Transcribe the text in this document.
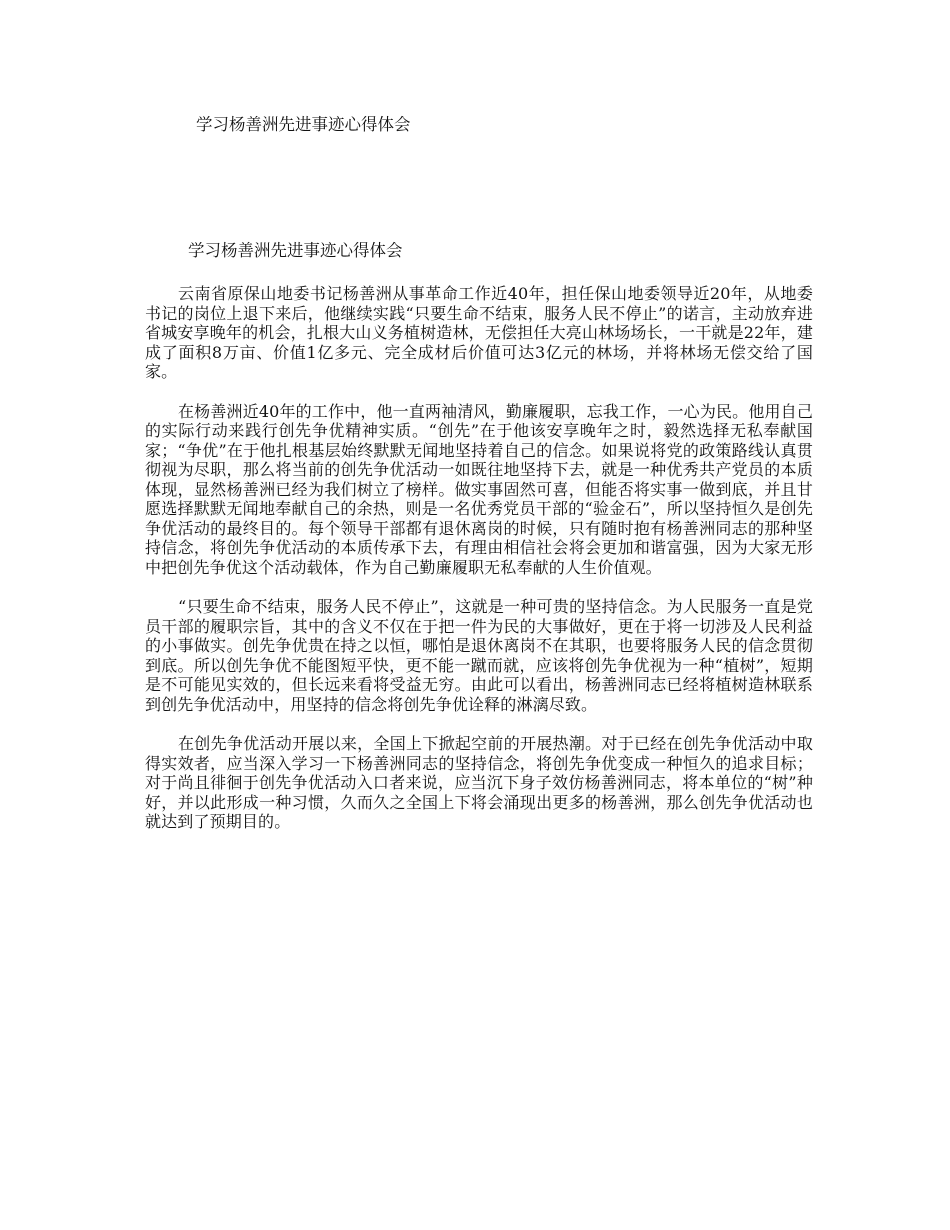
学习杨善洲先进事迹心得体会
学习杨善洲先进事迹心得体会

云南省原保山地委书记杨善洲从事革命工作近40年，担任保山地委领导近20年，从地委书记的岗位上退下来后，他继续实践“只要生命不结束，服务人民不停止”的诺言，主动放弃进省城安享晚年的机会，扎根大山义务植树造林，无偿担任大亮山林场场长，一干就是22年，建成了面积8万亩、价值1亿多元、完全成材后价值可达3亿元的林场，并将林场无偿交给了国家。

在杨善洲近40年的工作中，他一直两袖清风，勤廉履职，忘我工作，一心为民。他用自己的实际行动来践行创先争优精神实质。“创先”在于他该安享晚年之时，毅然选择无私奉献国家；“争优”在于他扎根基层始终默默无闻地坚持着自己的信念。如果说将党的政策路线认真贯彻视为尽职，那么将当前的创先争优活动一如既往地坚持下去，就是一种优秀共产党员的本质体现，显然杨善洲已经为我们树立了榜样。做实事固然可喜，但能否将实事一做到底，并且甘愿选择默默无闻地奉献自己的余热，则是一名优秀党员干部的“验金石”，所以坚持恒久是创先争优活动的最终目的。每个领导干部都有退休离岗的时候，只有随时抱有杨善洲同志的那种坚持信念，将创先争优活动的本质传承下去，有理由相信社会将会更加和谐富强，因为大家无形中把创先争优这个活动载体，作为自己勤廉履职无私奉献的人生价值观。

“只要生命不结束，服务人民不停止”，这就是一种可贵的坚持信念。为人民服务一直是党员干部的履职宗旨，其中的含义不仅在于把一件为民的大事做好，更在于将一切涉及人民利益的小事做实。创先争优贵在持之以恒，哪怕是退休离岗不在其职，也要将服务人民的信念贯彻到底。所以创先争优不能图短平快，更不能一蹴而就，应该将创先争优视为一种“植树”，短期是不可能见实效的，但长远来看将受益无穷。由此可以看出，杨善洲同志已经将植树造林联系到创先争优活动中，用坚持的信念将创先争优诠释的淋漓尽致。

在创先争优活动开展以来，全国上下掀起空前的开展热潮。对于已经在创先争优活动中取得实效者，应当深入学习一下杨善洲同志的坚持信念，将创先争优变成一种恒久的追求目标；对于尚且徘徊于创先争优活动入口者来说，应当沉下身子效仿杨善洲同志，将本单位的“树”种好，并以此形成一种习惯，久而久之全国上下将会涌现出更多的杨善洲，那么创先争优活动也就达到了预期目的。
